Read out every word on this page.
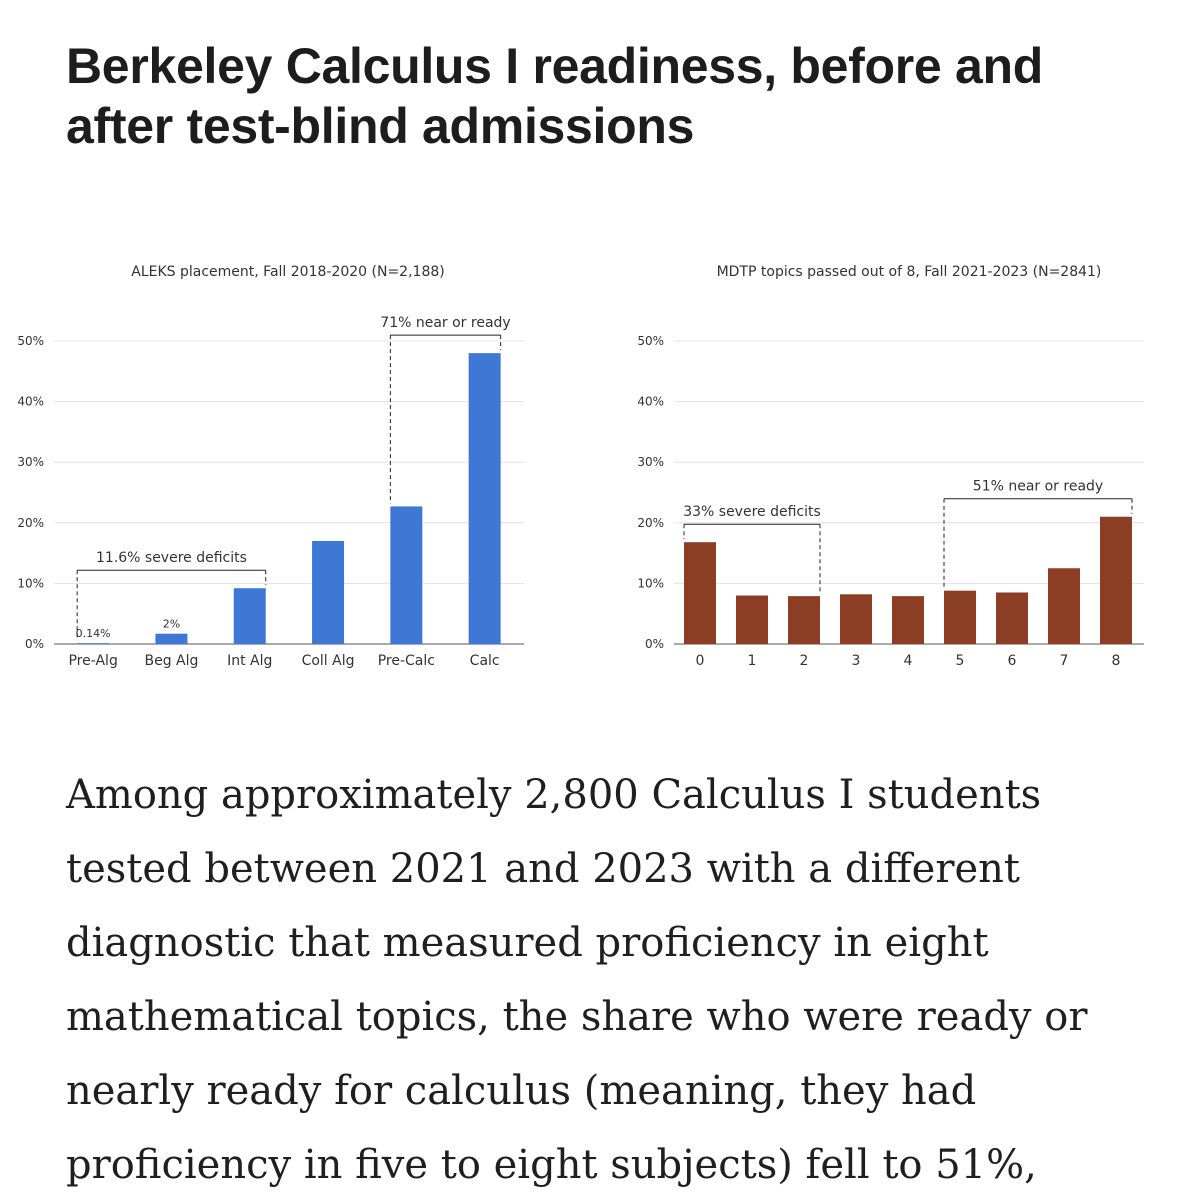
Berkeley Calculus I readiness, before and after test-blind admissions
ALEKS placement, Fall 2018-2020 (N=2,188)
0%
10%
20%
30%
40%
50%
Pre-Alg
0.14%
Beg Alg
2%
Int Alg Coll Alg Pre-Calc Calc
11.6% severe deficits
71% near or ready
MDTP topics passed out of 8, Fall 2021-2023 (N=2841)
0%
10%
20%
30%
40%
50%
0	1	2	3	4	5	6	7	8
33% severe deficits
51% near or ready

Among approximately 2,800 Calculus I students tested between 2021 and 2023 with a different diagnostic that measured proficiency in eight mathematical topics, the share who were ready or nearly ready for calculus (meaning, they had proficiency in five to eight subjects) fell to 51%,
